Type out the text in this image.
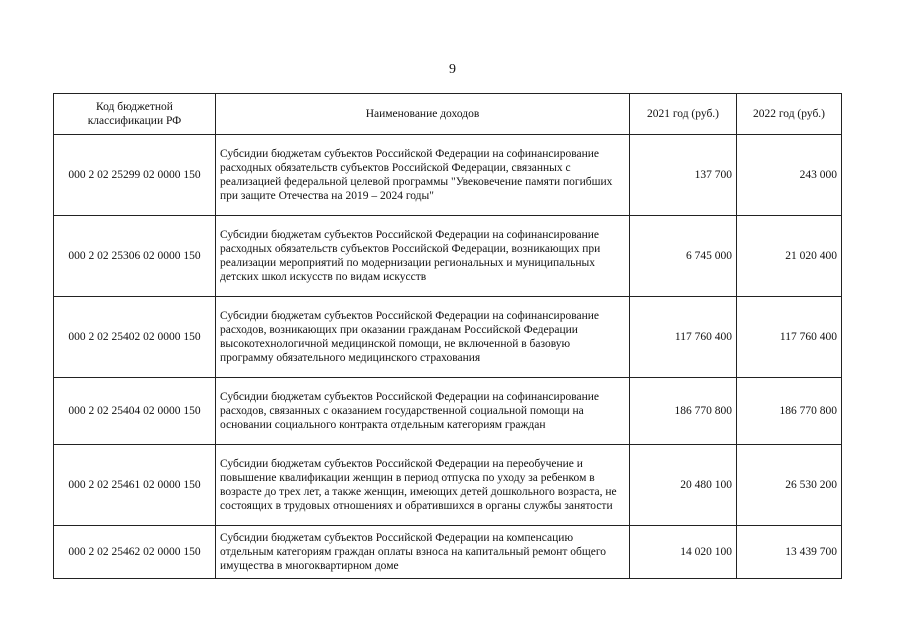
9
Код бюджетной классификации РФ	Наименование доходов	2021 год (руб.)	2022 год (руб.)
000 2 02 25299 02 0000 150	Субсидии бюджетам субъектов Российской Федерации на софинансирование расходных обязательств субъектов Российской Федерации, связанных с реализацией федеральной целевой программы "Увековечение памяти погибших при защите Отечества на 2019 – 2024 годы"	137 700	243 000
000 2 02 25306 02 0000 150	Субсидии бюджетам субъектов Российской Федерации на софинансирование расходных обязательств субъектов Российской Федерации, возникающих при реализации мероприятий по модернизации региональных и муниципальных детских школ искусств по видам искусств	6 745 000	21 020 400
000 2 02 25402 02 0000 150	Субсидии бюджетам субъектов Российской Федерации на софинансирование расходов, возникающих при оказании гражданам Российской Федерации высокотехнологичной медицинской помощи, не включенной в базовую программу обязательного медицинского страхования	117 760 400	117 760 400
000 2 02 25404 02 0000 150	Субсидии бюджетам субъектов Российской Федерации на софинансирование расходов, связанных с оказанием государственной социальной помощи на основании социального контракта отдельным категориям граждан	186 770 800	186 770 800
000 2 02 25461 02 0000 150	Субсидии бюджетам субъектов Российской Федерации на переобучение и повышение квалификации женщин в период отпуска по уходу за ребенком в возрасте до трех лет, а также женщин, имеющих детей дошкольного возраста, не состоящих в трудовых отношениях и обратившихся в органы службы занятости	20 480 100	26 530 200
000 2 02 25462 02 0000 150	Субсидии бюджетам субъектов Российской Федерации на компенсацию отдельным категориям граждан оплаты взноса на капитальный ремонт общего имущества в многоквартирном доме	14 020 100	13 439 700
